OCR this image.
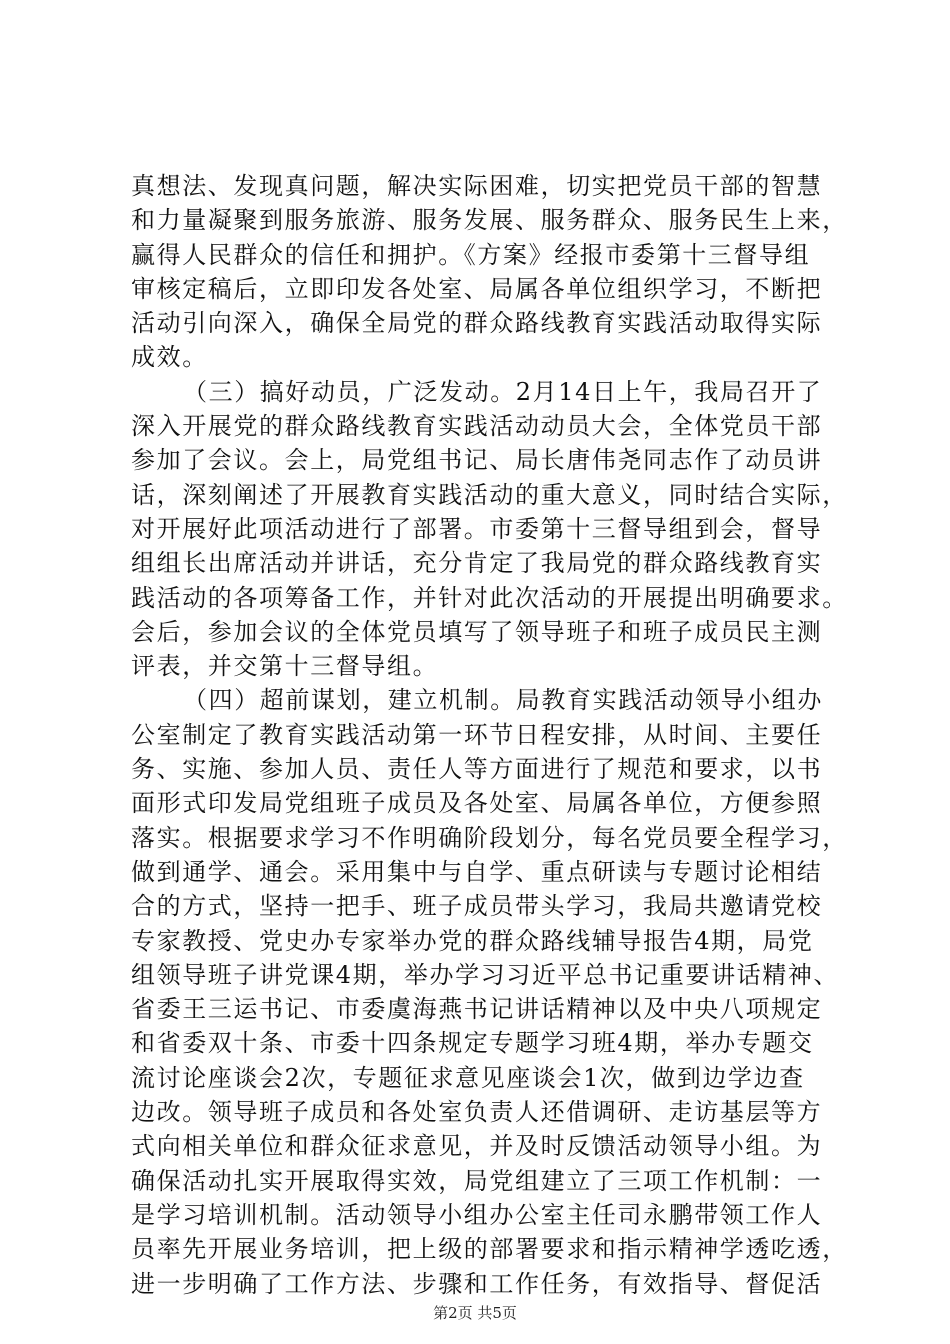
真想法、发现真问题，解决实际困难，切实把党员干部的智慧
和力量凝聚到服务旅游、服务发展、服务群众、服务民生上来，
赢得人民群众的信任和拥护。《方案》经报市委第十三督导组
审核定稿后，立即印发各处室、局属各单位组织学习，不断把
活动引向深入，确保全局党的群众路线教育实践活动取得实际
成效。
（三）搞好动员，广泛发动。2月14日上午，我局召开了
深入开展党的群众路线教育实践活动动员大会，全体党员干部
参加了会议。会上，局党组书记、局长唐伟尧同志作了动员讲
话，深刻阐述了开展教育实践活动的重大意义，同时结合实际，
对开展好此项活动进行了部署。市委第十三督导组到会，督导
组组长出席活动并讲话，充分肯定了我局党的群众路线教育实
践活动的各项筹备工作，并针对此次活动的开展提出明确要求。
会后，参加会议的全体党员填写了领导班子和班子成员民主测
评表，并交第十三督导组。
（四）超前谋划，建立机制。局教育实践活动领导小组办
公室制定了教育实践活动第一环节日程安排，从时间、主要任
务、实施、参加人员、责任人等方面进行了规范和要求，以书
面形式印发局党组班子成员及各处室、局属各单位，方便参照
落实。根据要求学习不作明确阶段划分，每名党员要全程学习，
做到通学、通会。采用集中与自学、重点研读与专题讨论相结
合的方式，坚持一把手、班子成员带头学习，我局共邀请党校
专家教授、党史办专家举办党的群众路线辅导报告4期，局党
组领导班子讲党课4期，举办学习习近平总书记重要讲话精神、
省委王三运书记、市委虞海燕书记讲话精神以及中央八项规定
和省委双十条、市委十四条规定专题学习班4期，举办专题交
流讨论座谈会2次，专题征求意见座谈会1次，做到边学边查
边改。领导班子成员和各处室负责人还借调研、走访基层等方
式向相关单位和群众征求意见，并及时反馈活动领导小组。为
确保活动扎实开展取得实效，局党组建立了三项工作机制：一
是学习培训机制。活动领导小组办公室主任司永鹏带领工作人
员率先开展业务培训，把上级的部署要求和指示精神学透吃透，
进一步明确了工作方法、步骤和工作任务，有效指导、督促活
第2页 共5页
